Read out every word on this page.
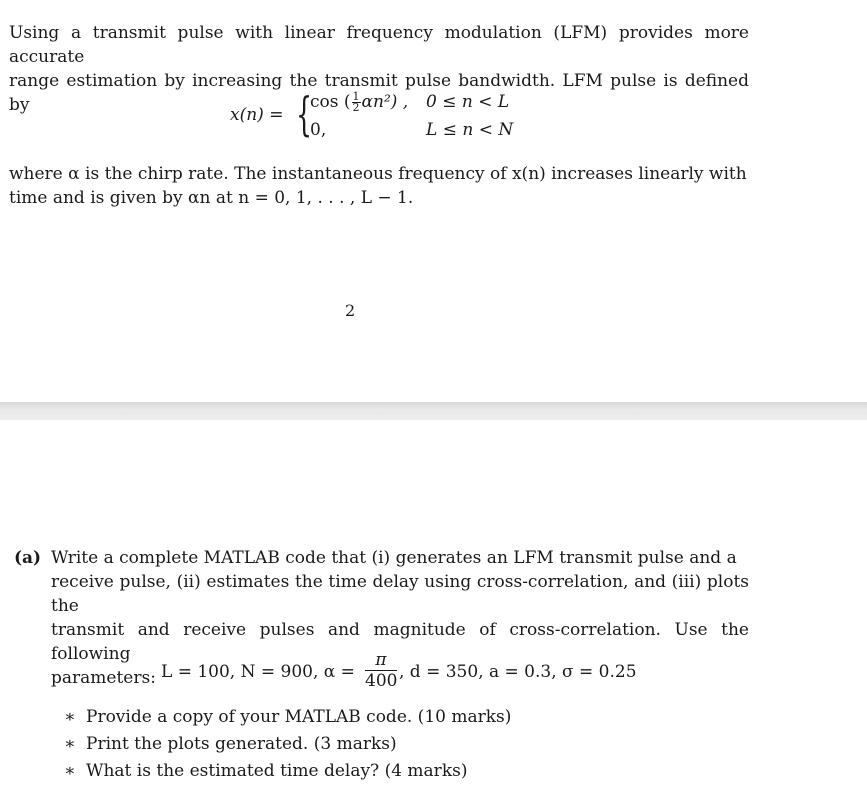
Using a transmit pulse with linear frequency modulation (LFM) provides more accurate
range estimation by increasing the transmit pulse bandwidth. LFM pulse is defined by	x(n) = {
cos ( $\frac{1}{2} \alpha n^2$) ,
0,
0 ≤ n < L
L ≤ n < N
where α is the chirp rate. The instantaneous frequency of x(n) increases linearly with
time and is given by αn at n = 0, 1, . . . , L − 1.
2
(a) Write a complete MATLAB code that (i) generates an LFM transmit pulse and a
receive pulse, (ii) estimates the time delay using cross-correlation, and (iii) plots the
transmit and receive pulses and magnitude of cross-correlation. Use the following
parameters: L = 100, N = 900, $\alpha = \frac{\pi}{400}$ , d = 350, a = 0.3, σ = 0.25
∗ Provide a copy of your MATLAB code. (10 marks)
∗ Print the plots generated. (3 marks)
∗ What is the estimated time delay? (4 marks)
